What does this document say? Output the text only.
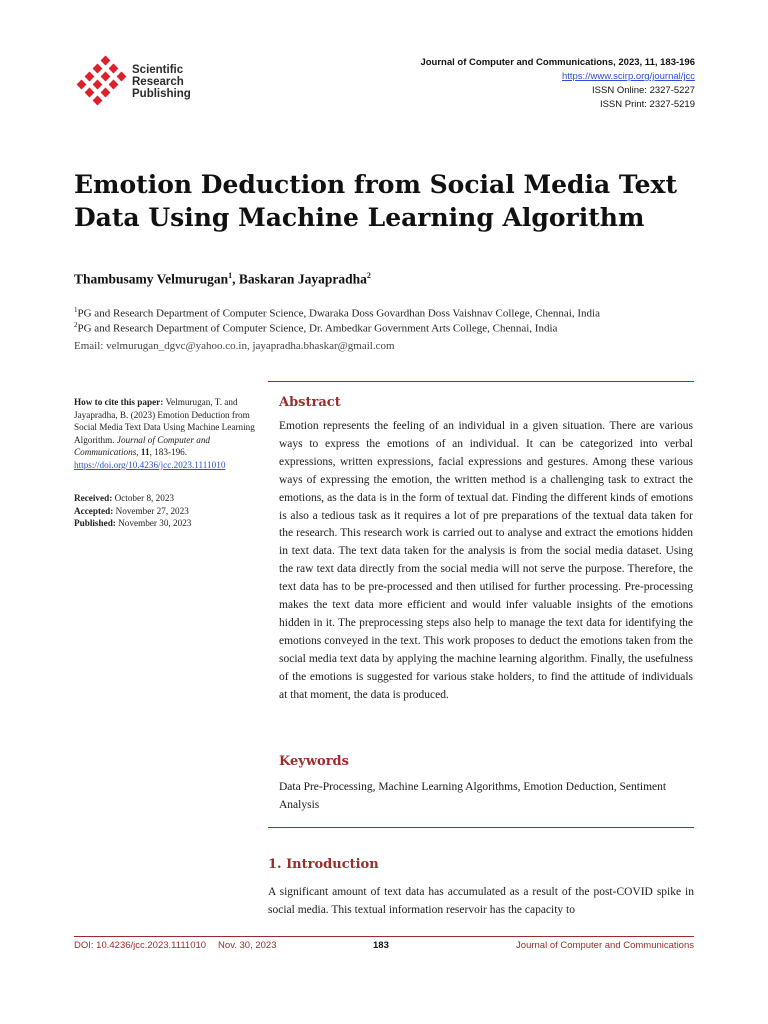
Scientific
Research
Publishing
Journal of Computer and Communications, 2023, 11, 183-196
https://www.scirp.org/journal/jcc
ISSN Online: 2327-5227
ISSN Print: 2327-5219
Emotion Deduction from Social Media Text
Data Using Machine Learning Algorithm
Thambusamy Velmurugan$^1$, Baskaran Jayapradha$^2$
$^1$PG and Research Department of Computer Science, Dwaraka Doss Govardhan Doss Vaishnav College, Chennai, India
$^2$PG and Research Department of Computer Science, Dr. Ambedkar Government Arts College, Chennai, India
Email: velmurugan_dgvc@yahoo.co.in, jayapradha.bhaskar@gmail.com
How to cite this paper: Velmurugan, T. and Jayapradha, B. (2023) Emotion Deduction from Social Media Text Data Using Machine Learning Algorithm. Journal of Computer and Communications, 11, 183-196.
https://doi.org/10.4236/jcc.2023.1111010
Received: October 8, 2023
Accepted: November 27, 2023
Published: November 30, 2023
Abstract
Emotion represents the feeling of an individual in a given situation. There are various ways to express the emotions of an individual. It can be categorized into verbal expressions, written expressions, facial expressions and gestures. Among these various ways of expressing the emotion, the written method is a challenging task to extract the emotions, as the data is in the form of textual dat. Finding the different kinds of emotions is also a tedious task as it requires a lot of pre preparations of the textual data taken for the research. This research work is carried out to analyse and extract the emotions hidden in text data. The text data taken for the analysis is from the social media dataset. Using the raw text data directly from the social media will not serve the purpose. Therefore, the text data has to be pre-processed and then utilised for further processing. Pre-processing makes the text data more efficient and would infer valuable insights of the emotions hidden in it. The preprocessing steps also help to manage the text data for identifying the emotions conveyed in the text. This work proposes to deduct the emotions taken from the social media text data by applying the machine learning algorithm. Finally, the usefulness of the emotions is suggested for various stake holders, to find the attitude of individuals at that moment, the data is produced.
Keywords
Data Pre-Processing, Machine Learning Algorithms, Emotion Deduction, Sentiment Analysis
1. Introduction
A significant amount of text data has accumulated as a result of the post-COVID spike in social media. This textual information reservoir has the capacity to
DOI: 10.4236/jcc.2023.1111010 Nov. 30, 2023	183	Journal of Computer and Communications
